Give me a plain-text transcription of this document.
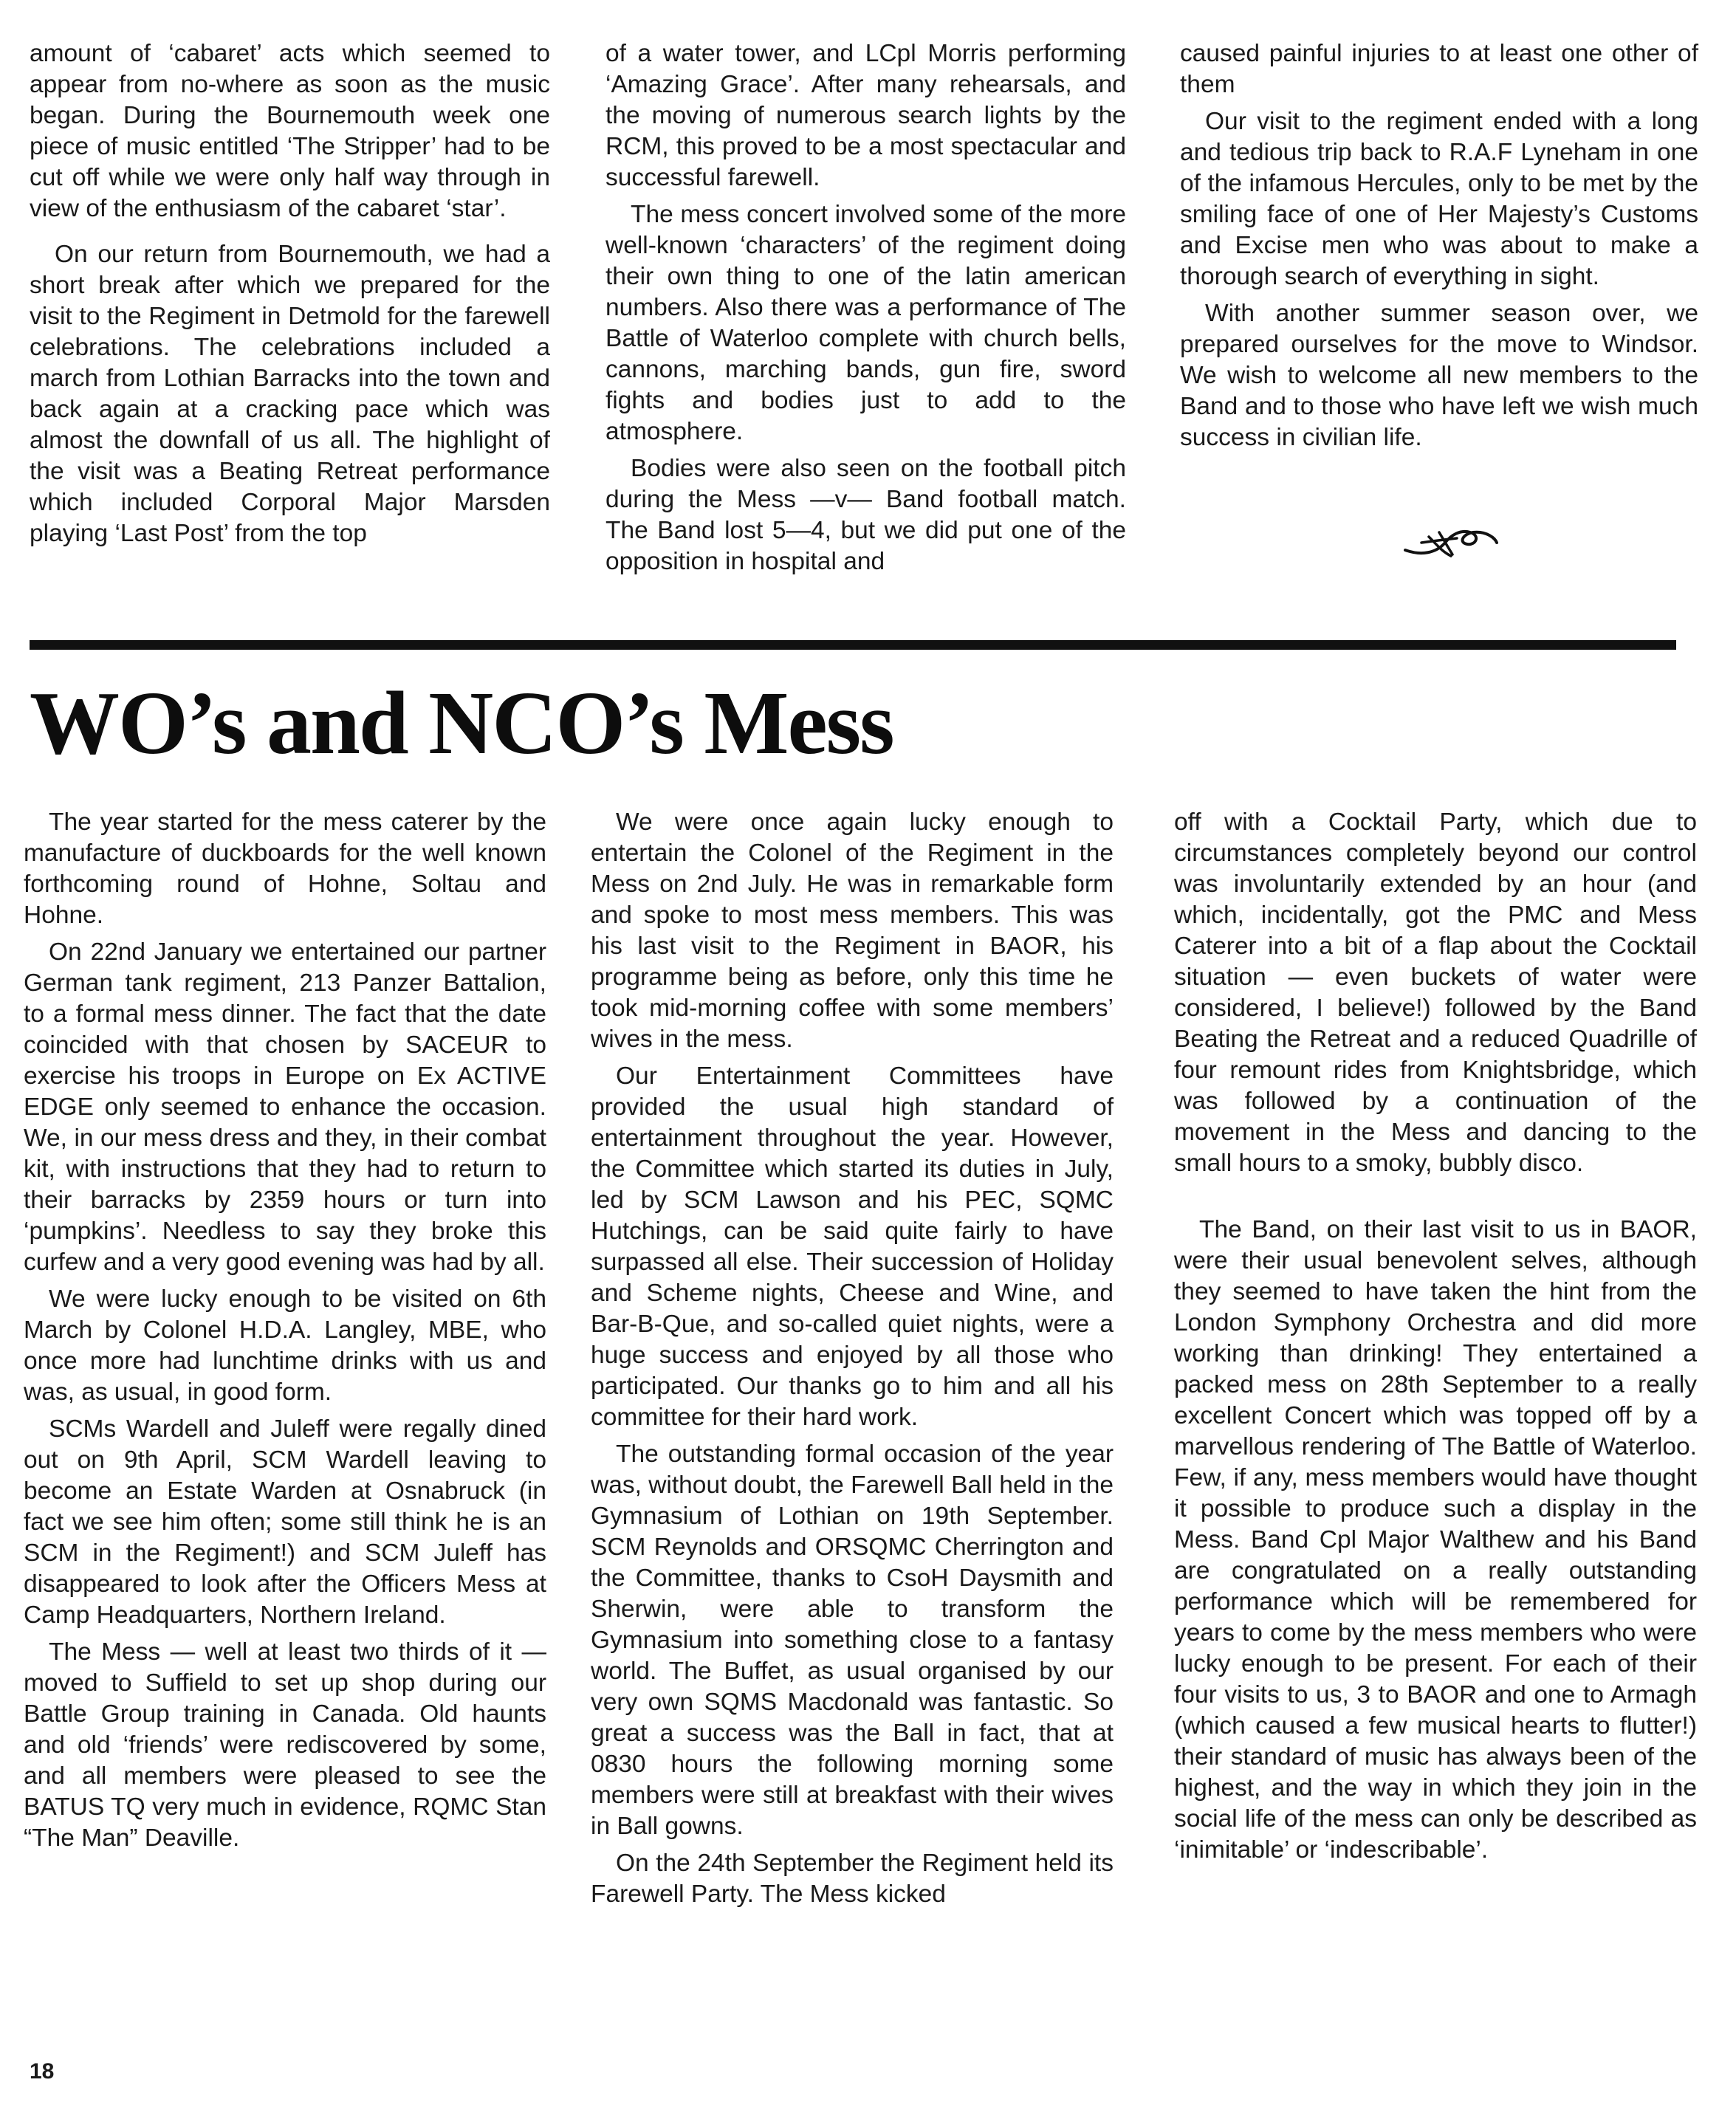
amount of ‘cabaret’ acts which seemed to appear from no-where as soon as the music began. During the Bournemouth week one piece of music entitled ‘The Stripper’ had to be cut off while we were only half way through in view of the enthusiasm of the cabaret ‘star’.

On our return from Bournemouth, we had a short break after which we prepared for the visit to the Regiment in Detmold for the farewell celebrations. The celebrations included a march from Lothian Barracks into the town and back again at a cracking pace which was almost the downfall of us all. The highlight of the visit was a Beating Retreat performance which included Corporal Major Marsden playing ‘Last Post’ from the top

of a water tower, and LCpl Morris performing ‘Amazing Grace’. After many rehearsals, and the moving of numerous search lights by the RCM, this proved to be a most spectacular and successful farewell.

The mess concert involved some of the more well-known ‘characters’ of the regiment doing their own thing to one of the latin american numbers. Also there was a performance of The Battle of Waterloo complete with church bells, cannons, marching bands, gun fire, sword fights and bodies just to add to the atmosphere.

Bodies were also seen on the football pitch during the Mess —v— Band football match. The Band lost 5—4, but we did put one of the opposition in hospital and

caused painful injuries to at least one other of them

Our visit to the regiment ended with a long and tedious trip back to R.A.F Lyneham in one of the infamous Hercules, only to be met by the smiling face of one of Her Majesty’s Customs and Excise men who was about to make a thorough search of everything in sight.

With another summer season over, we prepared ourselves for the move to Windsor. We wish to welcome all new members to the Band and to those who have left we wish much success in civilian life.

WO’s and NCO’s Mess

The year started for the mess caterer by the manufacture of duckboards for the well known forthcoming round of Hohne, Soltau and Hohne.

On 22nd January we entertained our partner German tank regiment, 213 Panzer Battalion, to a formal mess dinner. The fact that the date coincided with that chosen by SACEUR to exercise his troops in Europe on Ex ACTIVE EDGE only seemed to enhance the occasion. We, in our mess dress and they, in their combat kit, with instructions that they had to return to their barracks by 2359 hours or turn into ‘pumpkins’. Needless to say they broke this curfew and a very good evening was had by all.

We were lucky enough to be visited on 6th March by Colonel H.D.A. Langley, MBE, who once more had lunchtime drinks with us and was, as usual, in good form.

SCMs Wardell and Juleff were regally dined out on 9th April, SCM Wardell leaving to become an Estate Warden at Osnabruck (in fact we see him often; some still think he is an SCM in the Regiment!) and SCM Juleff has disappeared to look after the Officers Mess at Camp Headquarters, Northern Ireland.

The Mess — well at least two thirds of it — moved to Suffield to set up shop during our Battle Group training in Canada. Old haunts and old ‘friends’ were rediscovered by some, and all members were pleased to see the BATUS TQ very much in evidence, RQMC Stan “The Man” Deaville.

We were once again lucky enough to entertain the Colonel of the Regiment in the Mess on 2nd July. He was in remarkable form and spoke to most mess members. This was his last visit to the Regiment in BAOR, his programme being as before, only this time he took mid-morning coffee with some members’ wives in the mess.

Our Entertainment Committees have provided the usual high standard of entertainment throughout the year. However, the Committee which started its duties in July, led by SCM Lawson and his PEC, SQMC Hutchings, can be said quite fairly to have surpassed all else. Their succession of Holiday and Scheme nights, Cheese and Wine, and Bar-B-Que, and so-called quiet nights, were a huge success and enjoyed by all those who participated. Our thanks go to him and all his committee for their hard work.

The outstanding formal occasion of the year was, without doubt, the Farewell Ball held in the Gymnasium of Lothian on 19th September. SCM Reynolds and ORSQMC Cherrington and the Committee, thanks to CsoH Daysmith and Sherwin, were able to transform the Gymnasium into something close to a fantasy world. The Buffet, as usual organised by our very own SQMS Macdonald was fantastic. So great a success was the Ball in fact, that at 0830 hours the following morning some members were still at breakfast with their wives in Ball gowns.

On the 24th September the Regiment held its Farewell Party. The Mess kicked

off with a Cocktail Party, which due to circumstances completely beyond our control was involuntarily extended by an hour (and which, incidentally, got the PMC and Mess Caterer into a bit of a flap about the Cocktail situation — even buckets of water were considered, I believe!) followed by the Band Beating the Retreat and a reduced Quadrille of four remount rides from Knightsbridge, which was followed by a continuation of the movement in the Mess and dancing to the small hours to a smoky, bubbly disco.

The Band, on their last visit to us in BAOR, were their usual benevolent selves, although they seemed to have taken the hint from the London Symphony Orchestra and did more working than drinking! They entertained a packed mess on 28th September to a really excellent Concert which was topped off by a marvellous rendering of The Battle of Waterloo. Few, if any, mess members would have thought it possible to produce such a display in the Mess. Band Cpl Major Walthew and his Band are congratulated on a really outstanding performance which will be remembered for years to come by the mess members who were lucky enough to be present. For each of their four visits to us, 3 to BAOR and one to Armagh (which caused a few musical hearts to flutter!) their standard of music has always been of the highest, and the way in which they join in the social life of the mess can only be described as ‘inimitable’ or ‘indescribable’.

18
